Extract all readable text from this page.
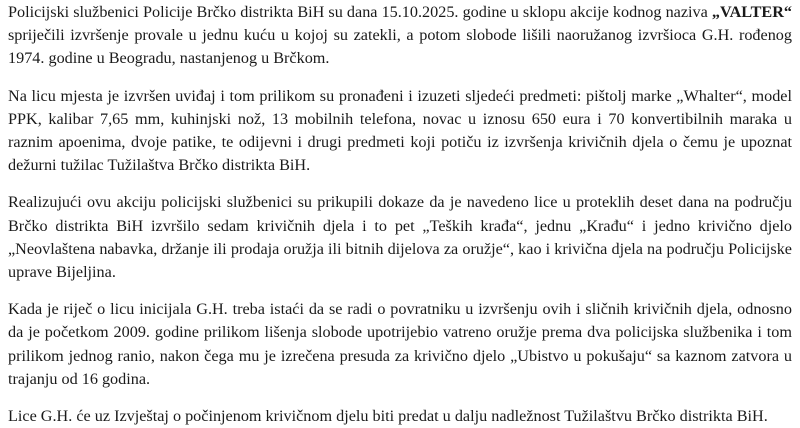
Policijski službenici Policije Brčko distrikta BiH su dana 15.10.2025. godine u sklopu akcije kodnog naziva „VALTER“ spriječili izvršenje provale u jednu kuću u kojoj su zatekli, a potom slobode lišili naoružanog izvršioca G.H. rođenog 1974. godine u Beogradu, nastanjenog u Brčkom.

Na licu mjesta je izvršen uviđaj i tom prilikom su pronađeni i izuzeti sljedeći predmeti: pištolj marke „Whalter“, model PPK, kalibar 7,65 mm, kuhinjski nož, 13 mobilnih telefona, novac u iznosu 650 eura i 70 konvertibilnih maraka u raznim apoenima, dvoje patike, te odijevni i drugi predmeti koji potiču iz izvršenja krivičnih djela o čemu je upoznat dežurni tužilac Tužilaštva Brčko distrikta BiH.

Realizujući ovu akciju policijski službenici su prikupili dokaze da je navedeno lice u proteklih deset dana na području Brčko distrikta BiH izvršilo sedam krivičnih djela i to pet „Teških krađa“, jednu „Krađu“ i jedno krivično djelo „Neovlaštena nabavka, držanje ili prodaja oružja ili bitnih dijelova za oružje“, kao i krivična djela na području Policijske uprave Bijeljina.

Kada je riječ o licu inicijala G.H. treba istaći da se radi o povratniku u izvršenju ovih i sličnih krivičnih djela, odnosno da je početkom 2009. godine prilikom lišenja slobode upotrijebio vatreno oružje prema dva policijska službenika i tom prilikom jednog ranio, nakon čega mu je izrečena presuda za krivično djelo „Ubistvo u pokušaju“ sa kaznom zatvora u trajanju od 16 godina.

Lice G.H. će uz Izvještaj o počinjenom krivičnom djelu biti predat u dalju nadležnost Tužilaštvu Brčko distrikta BiH.
